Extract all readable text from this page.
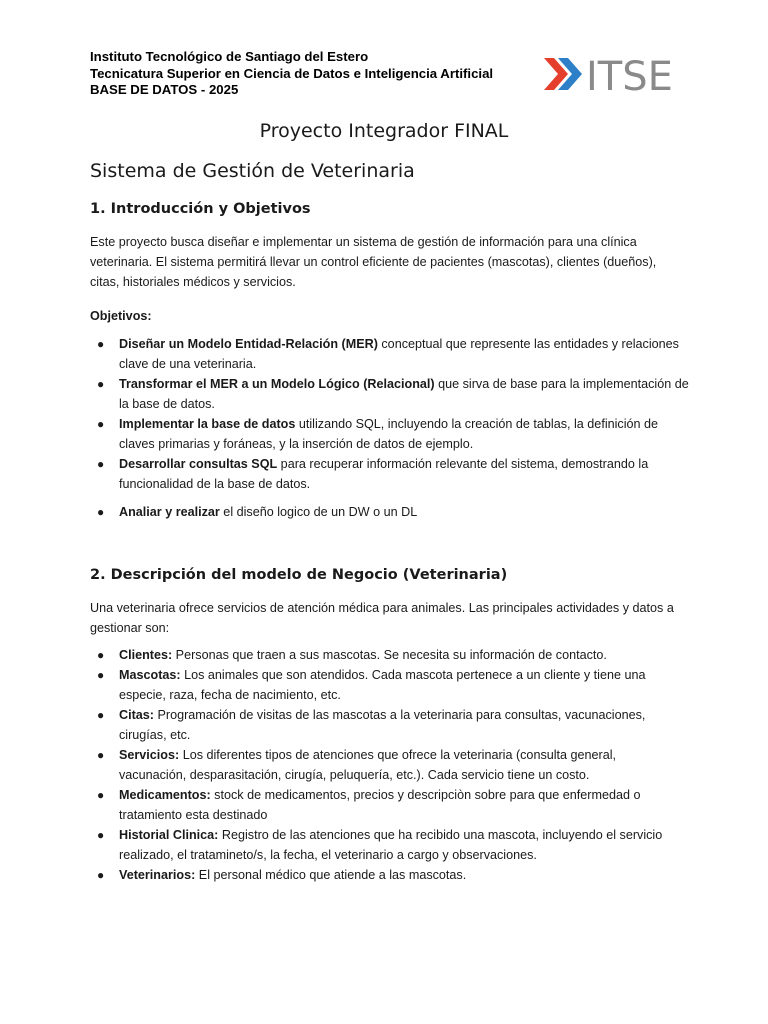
Instituto Tecnológico de Santiago del Estero
Tecnicatura Superior en Ciencia de Datos e Inteligencia Artificial
BASE DE DATOS - 2025	ITSE
Proyecto Integrador FINAL
Sistema de Gestión de Veterinaria
1. Introducción y Objetivos
Este proyecto busca diseñar e implementar un sistema de gestión de información para una clínica
veterinaria. El sistema permitirá llevar un control eficiente de pacientes (mascotas), clientes (dueños),
citas, historiales médicos y servicios.
Objetivos:
● Diseñar un Modelo Entidad-Relación (MER) conceptual que represente las entidades y relaciones
clave de una veterinaria.
● Transformar el MER a un Modelo Lógico (Relacional) que sirva de base para la implementación de
la base de datos.
● Implementar la base de datos utilizando SQL, incluyendo la creación de tablas, la definición de
claves primarias y foráneas, y la inserción de datos de ejemplo.
● Desarrollar consultas SQL para recuperar información relevante del sistema, demostrando la
funcionalidad de la base de datos.
● Analiar y realizar el diseño logico de un DW o un DL
2. Descripción del modelo de Negocio (Veterinaria)
Una veterinaria ofrece servicios de atención médica para animales. Las principales actividades y datos a
gestionar son:
● Clientes: Personas que traen a sus mascotas. Se necesita su información de contacto.
● Mascotas: Los animales que son atendidos. Cada mascota pertenece a un cliente y tiene una
especie, raza, fecha de nacimiento, etc.
● Citas: Programación de visitas de las mascotas a la veterinaria para consultas, vacunaciones,
cirugías, etc.
● Servicios: Los diferentes tipos de atenciones que ofrece la veterinaria (consulta general,
vacunación, desparasitación, cirugía, peluquería, etc.). Cada servicio tiene un costo.
● Medicamentos: stock de medicamentos, precios y descripciòn sobre para que enfermedad o
tratamiento esta destinado
● Historial Clinica: Registro de las atenciones que ha recibido una mascota, incluyendo el servicio
realizado, el tratamineto/s, la fecha, el veterinario a cargo y observaciones.
● Veterinarios: El personal médico que atiende a las mascotas.
